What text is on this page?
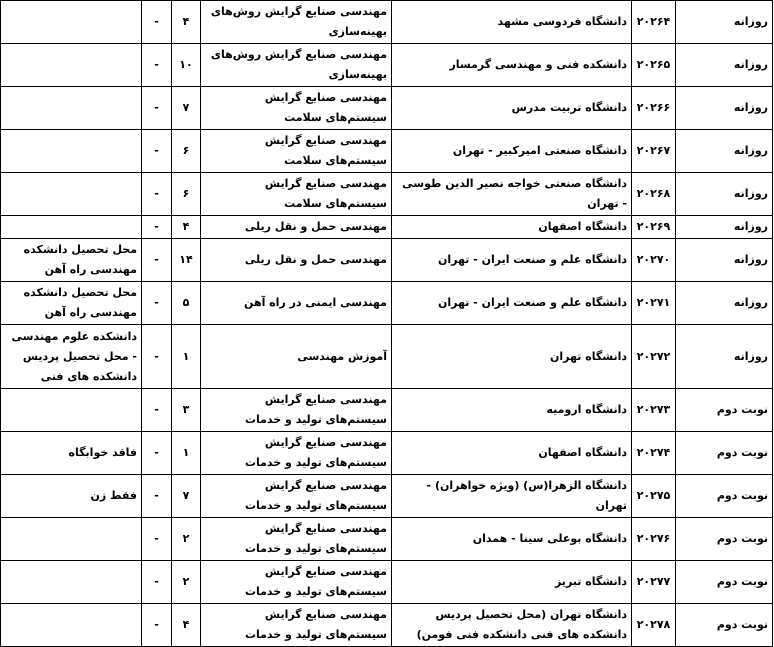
روزانه	۲۰۲۶۴	دانشگاه فردوسی مشهد	مهندسی صنایع گرایش روش‌های بهینه‌سازی	۴	-	
روزانه	۲۰۲۶۵	دانشکده فنی و مهندسی گرمسار	مهندسی صنایع گرایش روش‌های بهینه‌سازی	۱۰	-	
روزانه	۲۰۲۶۶	دانشگاه تربیت مدرس	مهندسی صنایع گرایش سیستم‌های سلامت	۷	-	
روزانه	۲۰۲۶۷	دانشگاه صنعتی امیرکبیر - تهران	مهندسی صنایع گرایش سیستم‌های سلامت	۶	-	
روزانه	۲۰۲۶۸	دانشگاه صنعتی خواجه نصیر الدین طوسی - تهران	مهندسی صنایع گرایش سیستم‌های سلامت	۶	-	
روزانه	۲۰۲۶۹	دانشگاه اصفهان	مهندسی حمل و نقل ریلی	۴	-	
روزانه	۲۰۲۷۰	دانشگاه علم و صنعت ایران - تهران	مهندسی حمل و نقل ریلی	۱۴	-	محل تحصیل دانشکده مهندسی راه آهن
روزانه	۲۰۲۷۱	دانشگاه علم و صنعت ایران - تهران	مهندسی ایمنی در راه آهن	۵	-	محل تحصیل دانشکده مهندسی راه آهن
روزانه	۲۰۲۷۲	دانشگاه تهران	آموزش مهندسی	۱	-	دانشکده علوم مهندسی - محل تحصیل پردیس دانشکده های فنی
نوبت دوم	۲۰۲۷۳	دانشگاه ارومیه	مهندسی صنایع گرایش سیستم‌های تولید و خدمات	۳	-	
نوبت دوم	۲۰۲۷۴	دانشگاه اصفهان	مهندسی صنایع گرایش سیستم‌های تولید و خدمات	۱	-	فاقد خوابگاه
نوبت دوم	۲۰۲۷۵	دانشگاه الزهرا(س) (ویژه خواهران) - تهران	مهندسی صنایع گرایش سیستم‌های تولید و خدمات	۷	-	فقط زن
نوبت دوم	۲۰۲۷۶	دانشگاه بوعلی سینا - همدان	مهندسی صنایع گرایش سیستم‌های تولید و خدمات	۲	-	
نوبت دوم	۲۰۲۷۷	دانشگاه تبریز	مهندسی صنایع گرایش سیستم‌های تولید و خدمات	۲	-	
نوبت دوم	۲۰۲۷۸	دانشگاه تهران (محل تحصیل پردیس دانشکده های فنی دانشکده فنی فومن)	مهندسی صنایع گرایش سیستم‌های تولید و خدمات	۴	-	
